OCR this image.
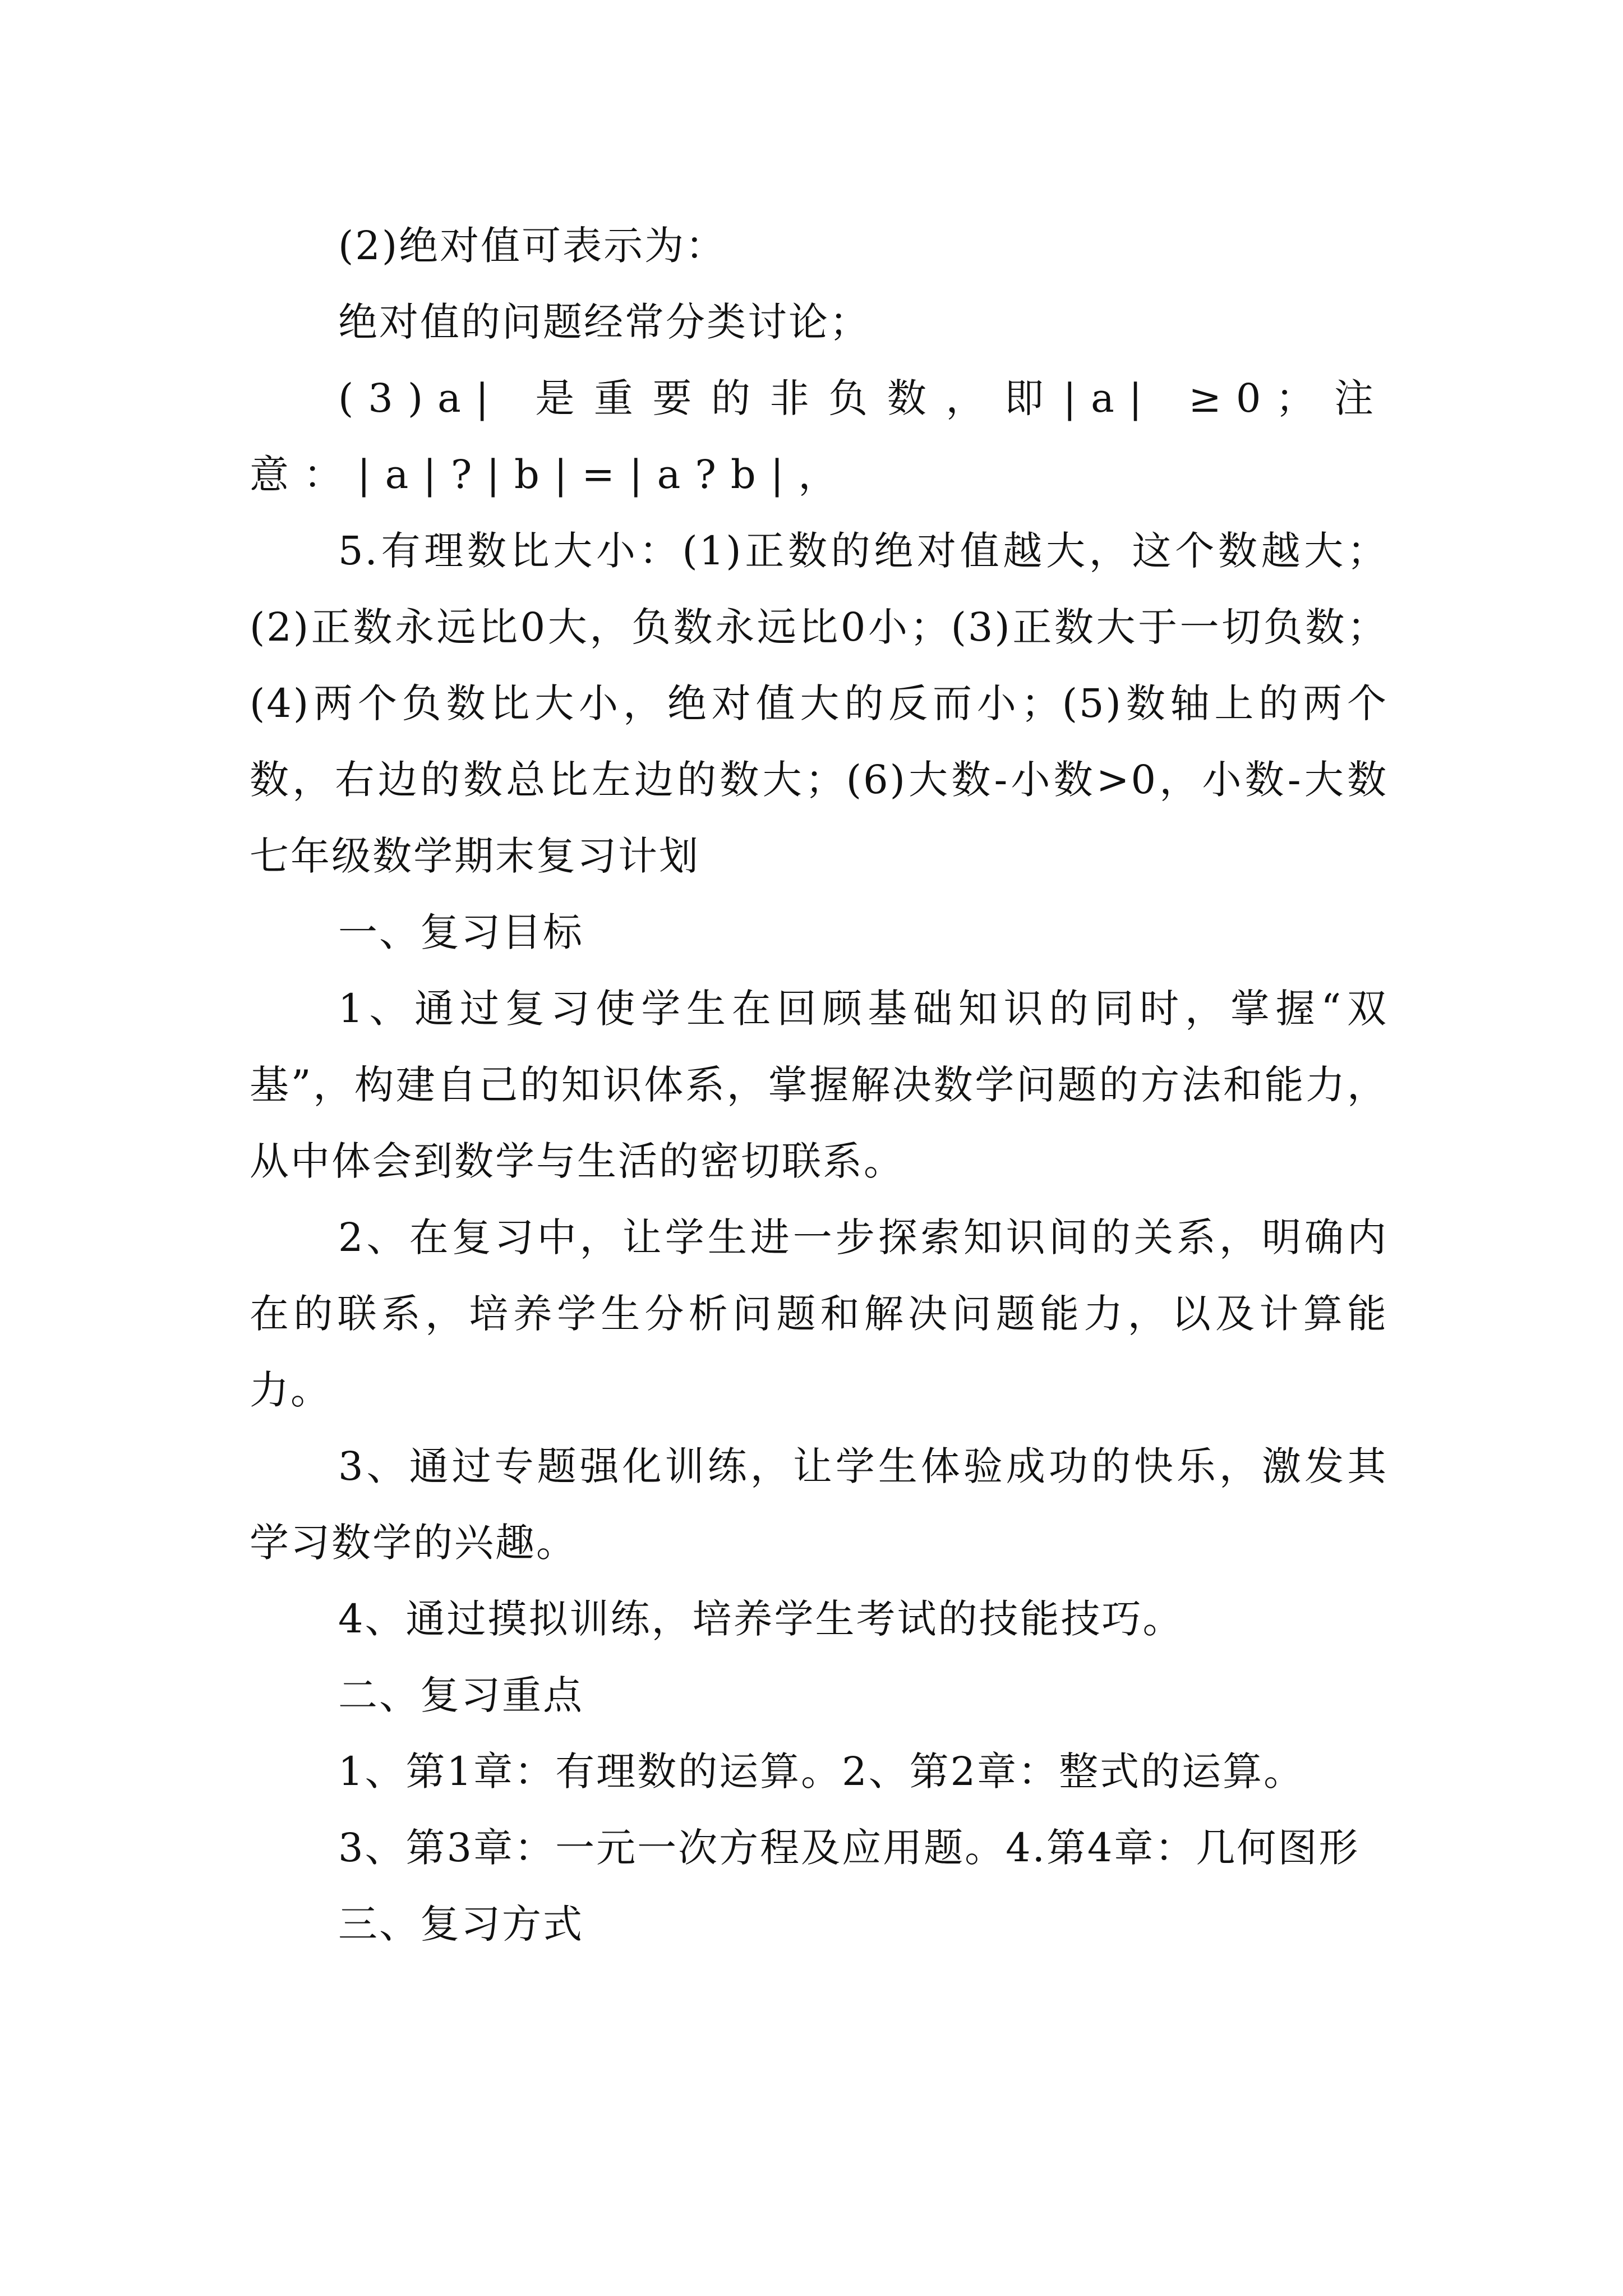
(2)绝对值可表示为：

绝对值的问题经常分类讨论；

(3)a| 是重要的非负数，即|a| ≥0；注意：|a|?|b|=|a?b|，

5.有理数比大小：(1)正数的绝对值越大，这个数越大；(2)正数永远比0大，负数永远比0小；(3)正数大于一切负数；(4)两个负数比大小，绝对值大的反而小；(5)数轴上的两个数，右边的数总比左边的数大；(6)大数-小数>0，小数-大数　　七年级数学期末复习计划

一、复习目标

1、通过复习使学生在回顾基础知识的同时，掌握“双基”，构建自己的知识体系，掌握解决数学问题的方法和能力，从中体会到数学与生活的密切联系。

2、在复习中，让学生进一步探索知识间的关系，明确内在的联系，培养学生分析问题和解决问题能力，以及计算能力。

3、通过专题强化训练，让学生体验成功的快乐，激发其学习数学的兴趣。

4、通过摸拟训练，培养学生考试的技能技巧。

二、复习重点

1、第1章：有理数的运算。2、第2章：整式的运算。

3、第3章：一元一次方程及应用题。4.第4章：几何图形

三、复习方式
